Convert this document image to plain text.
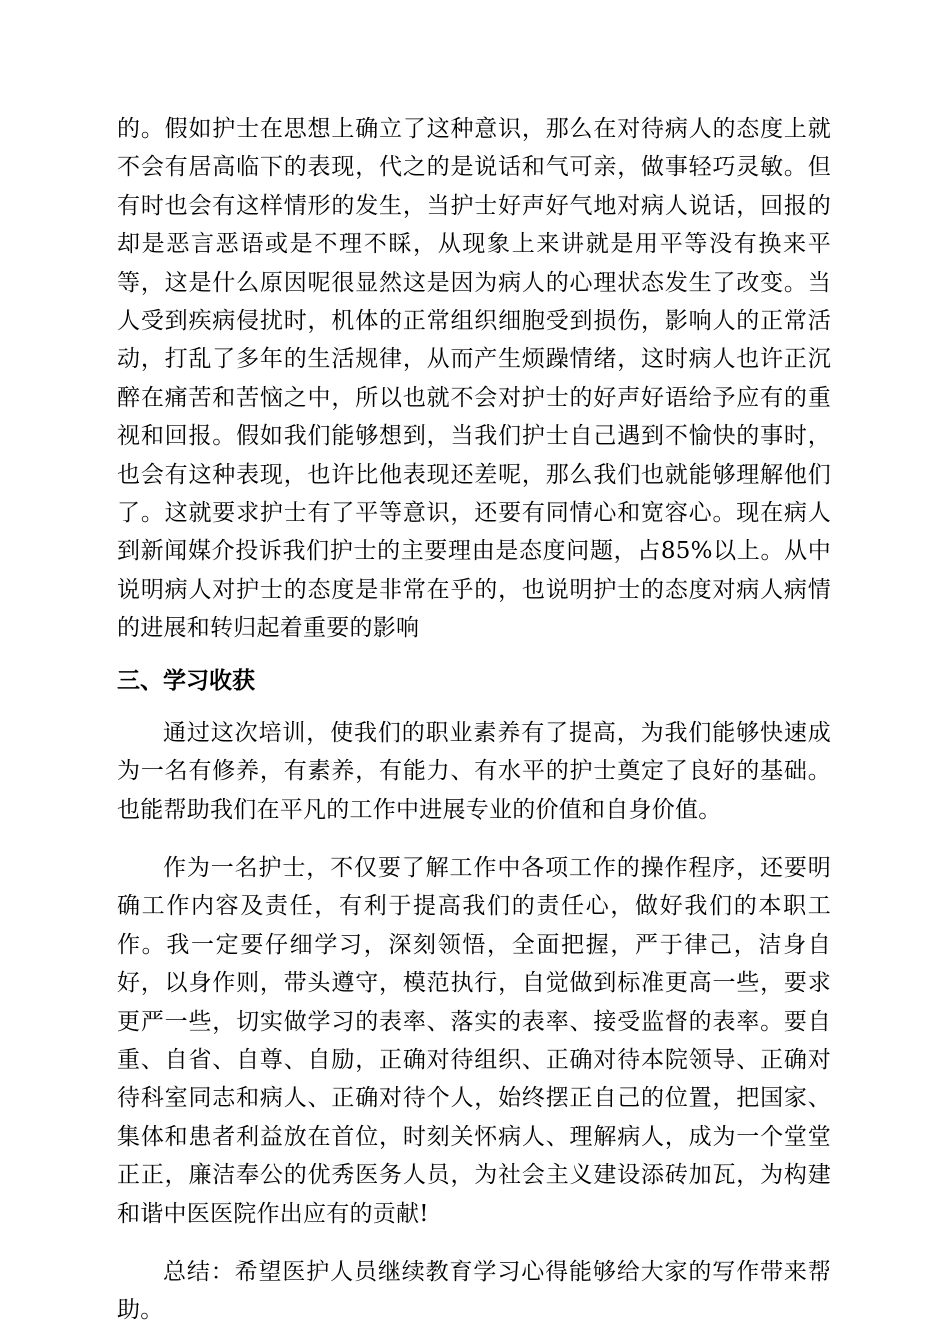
的。假如护士在思想上确立了这种意识，那么在对待病人的态度上就不会有居高临下的表现，代之的是说话和气可亲，做事轻巧灵敏。但有时也会有这样情形的发生，当护士好声好气地对病人说话，回报的却是恶言恶语或是不理不睬，从现象上来讲就是用平等没有换来平等，这是什么原因呢很显然这是因为病人的心理状态发生了改变。当人受到疾病侵扰时，机体的正常组织细胞受到损伤，影响人的正常活动，打乱了多年的生活规律，从而产生烦躁情绪，这时病人也许正沉醉在痛苦和苦恼之中，所以也就不会对护士的好声好语给予应有的重视和回报。假如我们能够想到，当我们护士自己遇到不愉快的事时，也会有这种表现，也许比他表现还差呢，那么我们也就能够理解他们了。这就要求护士有了平等意识，还要有同情心和宽容心。现在病人到新闻媒介投诉我们护士的主要理由是态度问题，占85%以上。从中说明病人对护士的态度是非常在乎的，也说明护士的态度对病人病情的进展和转归起着重要的影响

三、学习收获

通过这次培训，使我们的职业素养有了提高，为我们能够快速成为一名有修养，有素养，有能力、有水平的护士奠定了良好的基础。也能帮助我们在平凡的工作中进展专业的价值和自身价值。

作为一名护士，不仅要了解工作中各项工作的操作程序，还要明确工作内容及责任，有利于提高我们的责任心，做好我们的本职工作。我一定要仔细学习，深刻领悟，全面把握，严于律己，洁身自好，以身作则，带头遵守，模范执行，自觉做到标准更高一些，要求更严一些，切实做学习的表率、落实的表率、接受监督的表率。要自重、自省、自尊、自励，正确对待组织、正确对待本院领导、正确对待科室同志和病人、正确对待个人，始终摆正自己的位置，把国家、集体和患者利益放在首位，时刻关怀病人、理解病人，成为一个堂堂正正，廉洁奉公的优秀医务人员，为社会主义建设添砖加瓦，为构建和谐中医医院作出应有的贡献!

总结：希望医护人员继续教育学习心得能够给大家的写作带来帮助。
